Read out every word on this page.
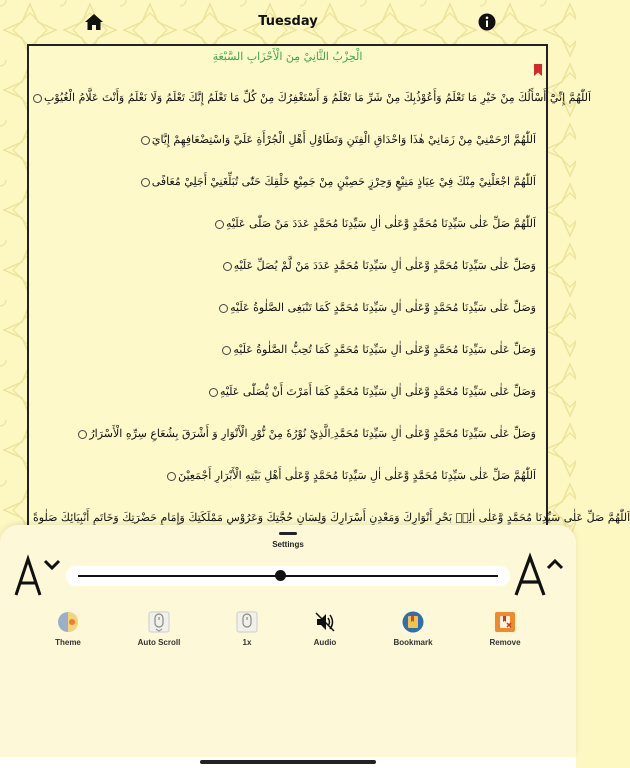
Tuesday
الْحِزْبُ الثَّانِيْ مِنَ الْأَحْزَابِ السَّبْعَةِ
اَللّٰهُمَّ إِنِّيْٓ أَسْأَلُكَ مِنْ خَيْرِ مَا تَعْلَمُ وَأَعُوْذُبِكَ مِنْ شَرِّ مَا تَعْلَمُ وَ أَسْتَغْفِرُكَ مِنْ كُلِّ مَا تَعْلَمُ إِنَّكَ تَعْلَمُ وَلَا نَعْلَمُ وَأَنْتَ عَلَّامُ الْغُيُوْبِ
اَللّٰهُمَّ ارْحَمْنِيْ مِنْ زَمَانِيْ هٰذَا وَاحْدَاقِ الْفِتَنِ وَتَطَاوُلِ أَهْلِ الْجُرْأَةِ عَلَيَّ وَاسْتِضْعَافِهِمْ إِيَّايَ
اَللّٰهُمَّ اجْعَلْنِيْ مِنْكَ فِيْ عِيَاذٍ مَنِيْعٍ وَحِرْزٍ حَصِيْنٍ مِنْ جَمِيْعِ خَلْقِكَ حَتّٰى تُبَلِّغَنِيْ أَجَلِيْ مُعَافًى
اَللّٰهُمَّ صَلِّ عَلٰى سَيِّدِنَا مُحَمَّدٍ وَّعَلٰى اٰلِ سَيِّدِنَا مُحَمَّدٍ عَدَدَ مَنْ صَلّٰى عَلَيْهِ
وَصَلِّ عَلٰى سَيِّدِنَا مُحَمَّدٍ وَّعَلٰى اٰلِ سَيِّدِنَا مُحَمَّدٍ عَدَدَ مَنْ لَّمْ يُصَلِّ عَلَيْهِ
وَصَلِّ عَلٰى سَيِّدِنَا مُحَمَّدٍ وَّعَلٰى اٰلِ سَيِّدِنَا مُحَمَّدٍ كَمَا تَنْبَغِى الصَّلٰوةُ عَلَيْهِ
وَصَلِّ عَلٰى سَيِّدِنَا مُحَمَّدٍ وَّعَلٰى اٰلِ سَيِّدِنَا مُحَمَّدٍ كَمَا تُحِبُّ الصَّلٰوةُ عَلَيْهِ
وَصَلِّ عَلٰى سَيِّدِنَا مُحَمَّدٍ وَّعَلٰى اٰلِ سَيِّدِنَا مُحَمَّدٍ كَمَا أَمَرْتَ أَنْ يُّصَلّٰى عَلَيْهِ
وَصَلِّ عَلٰى سَيِّدِنَا مُحَمَّدٍ وَّعَلٰى اٰلِ سَيِّدِنَا مُحَمَّدِ ِالَّذِيْ نُوْرُهٗ مِنْ نُّوْرِ الْأَنْوَارِ وَ أَشْرَقَ بِشُعَاعِ سِرِّهِ الْأَسْرَارُ
اَللّٰهُمَّ صَلِّ عَلٰى سَيِّدِنَا مُحَمَّدٍ وَّعَلٰى اٰلِ سَيِّدِنَا مُحَمَّدٍ وَّعَلٰى أَهْلِ بَيْتِهِ الْأَبْرَارِ أَجْمَعِيْنَ
اَللّٰهُمَّ صَلِّ عَلٰى سَيِّدِنَا مُحَمَّدٍ وَّعَلٰى اٰلِهٖ بَحْرِ أَنْوَارِكَ وَمَعْدِنِ أَسْرَارِكَ وَلِسَانِ حُجَّتِكَ وَعَرُوْسِ مَمْلَكَتِكَ وَإِمَامِ حَضْرَتِكَ وَخَاتَمِ أَنْبِيَائِكَ صَلٰوةً
Settings
Theme	Auto Scroll	1x	Audio	Bookmark	Remove
